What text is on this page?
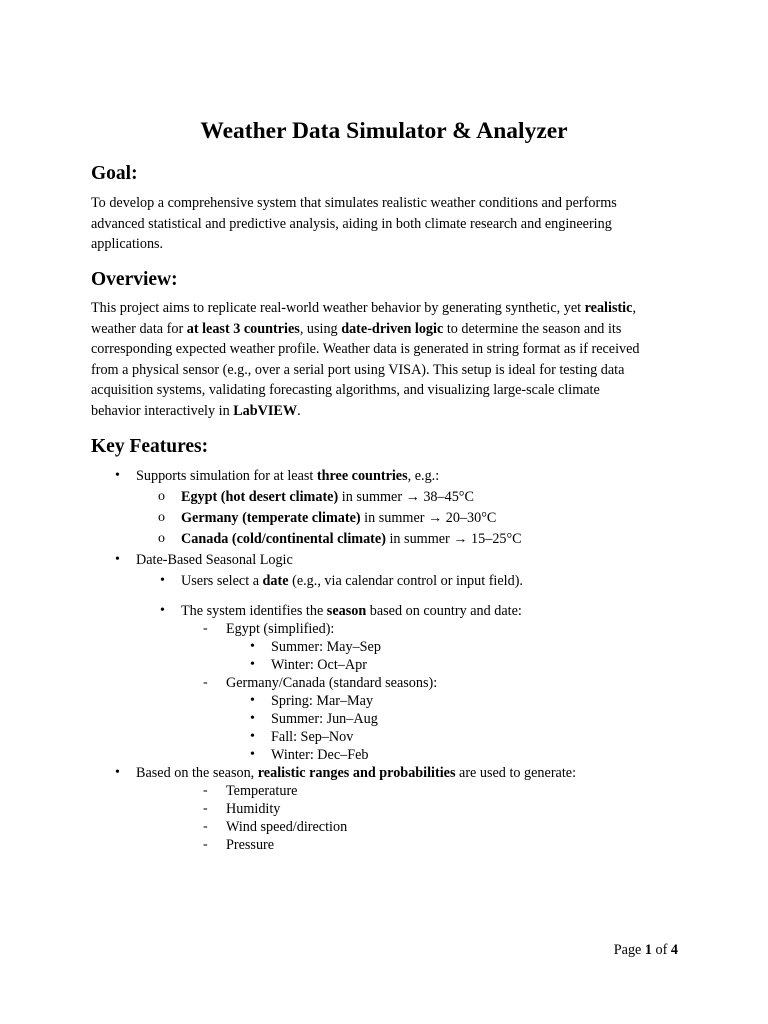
Weather Data Simulator & Analyzer
Goal:
To develop a comprehensive system that simulates realistic weather conditions and performs
advanced statistical and predictive analysis, aiding in both climate research and engineering
applications.
Overview:
This project aims to replicate real-world weather behavior by generating synthetic, yet realistic,
weather data for at least 3 countries, using date-driven logic to determine the season and its
corresponding expected weather profile. Weather data is generated in string format as if received
from a physical sensor (e.g., over a serial port using VISA). This setup is ideal for testing data
acquisition systems, validating forecasting algorithms, and visualizing large-scale climate
behavior interactively in LabVIEW.
Key Features:
• Supports simulation for at least three countries, e.g.:
o Egypt (hot desert climate) in summer → 38–45°C
o Germany (temperate climate) in summer → 20–30°C
o Canada (cold/continental climate) in summer → 15–25°C
• Date-Based Seasonal Logic
• Users select a date (e.g., via calendar control or input field).
• The system identifies the season based on country and date:
- Egypt (simplified):
• Summer: May–Sep
• Winter: Oct–Apr
- Germany/Canada (standard seasons):
• Spring: Mar–May
• Summer: Jun–Aug
• Fall: Sep–Nov
• Winter: Dec–Feb
• Based on the season, realistic ranges and probabilities are used to generate:
- Temperature
- Humidity
- Wind speed/direction
- Pressure
Page 1 of 4
